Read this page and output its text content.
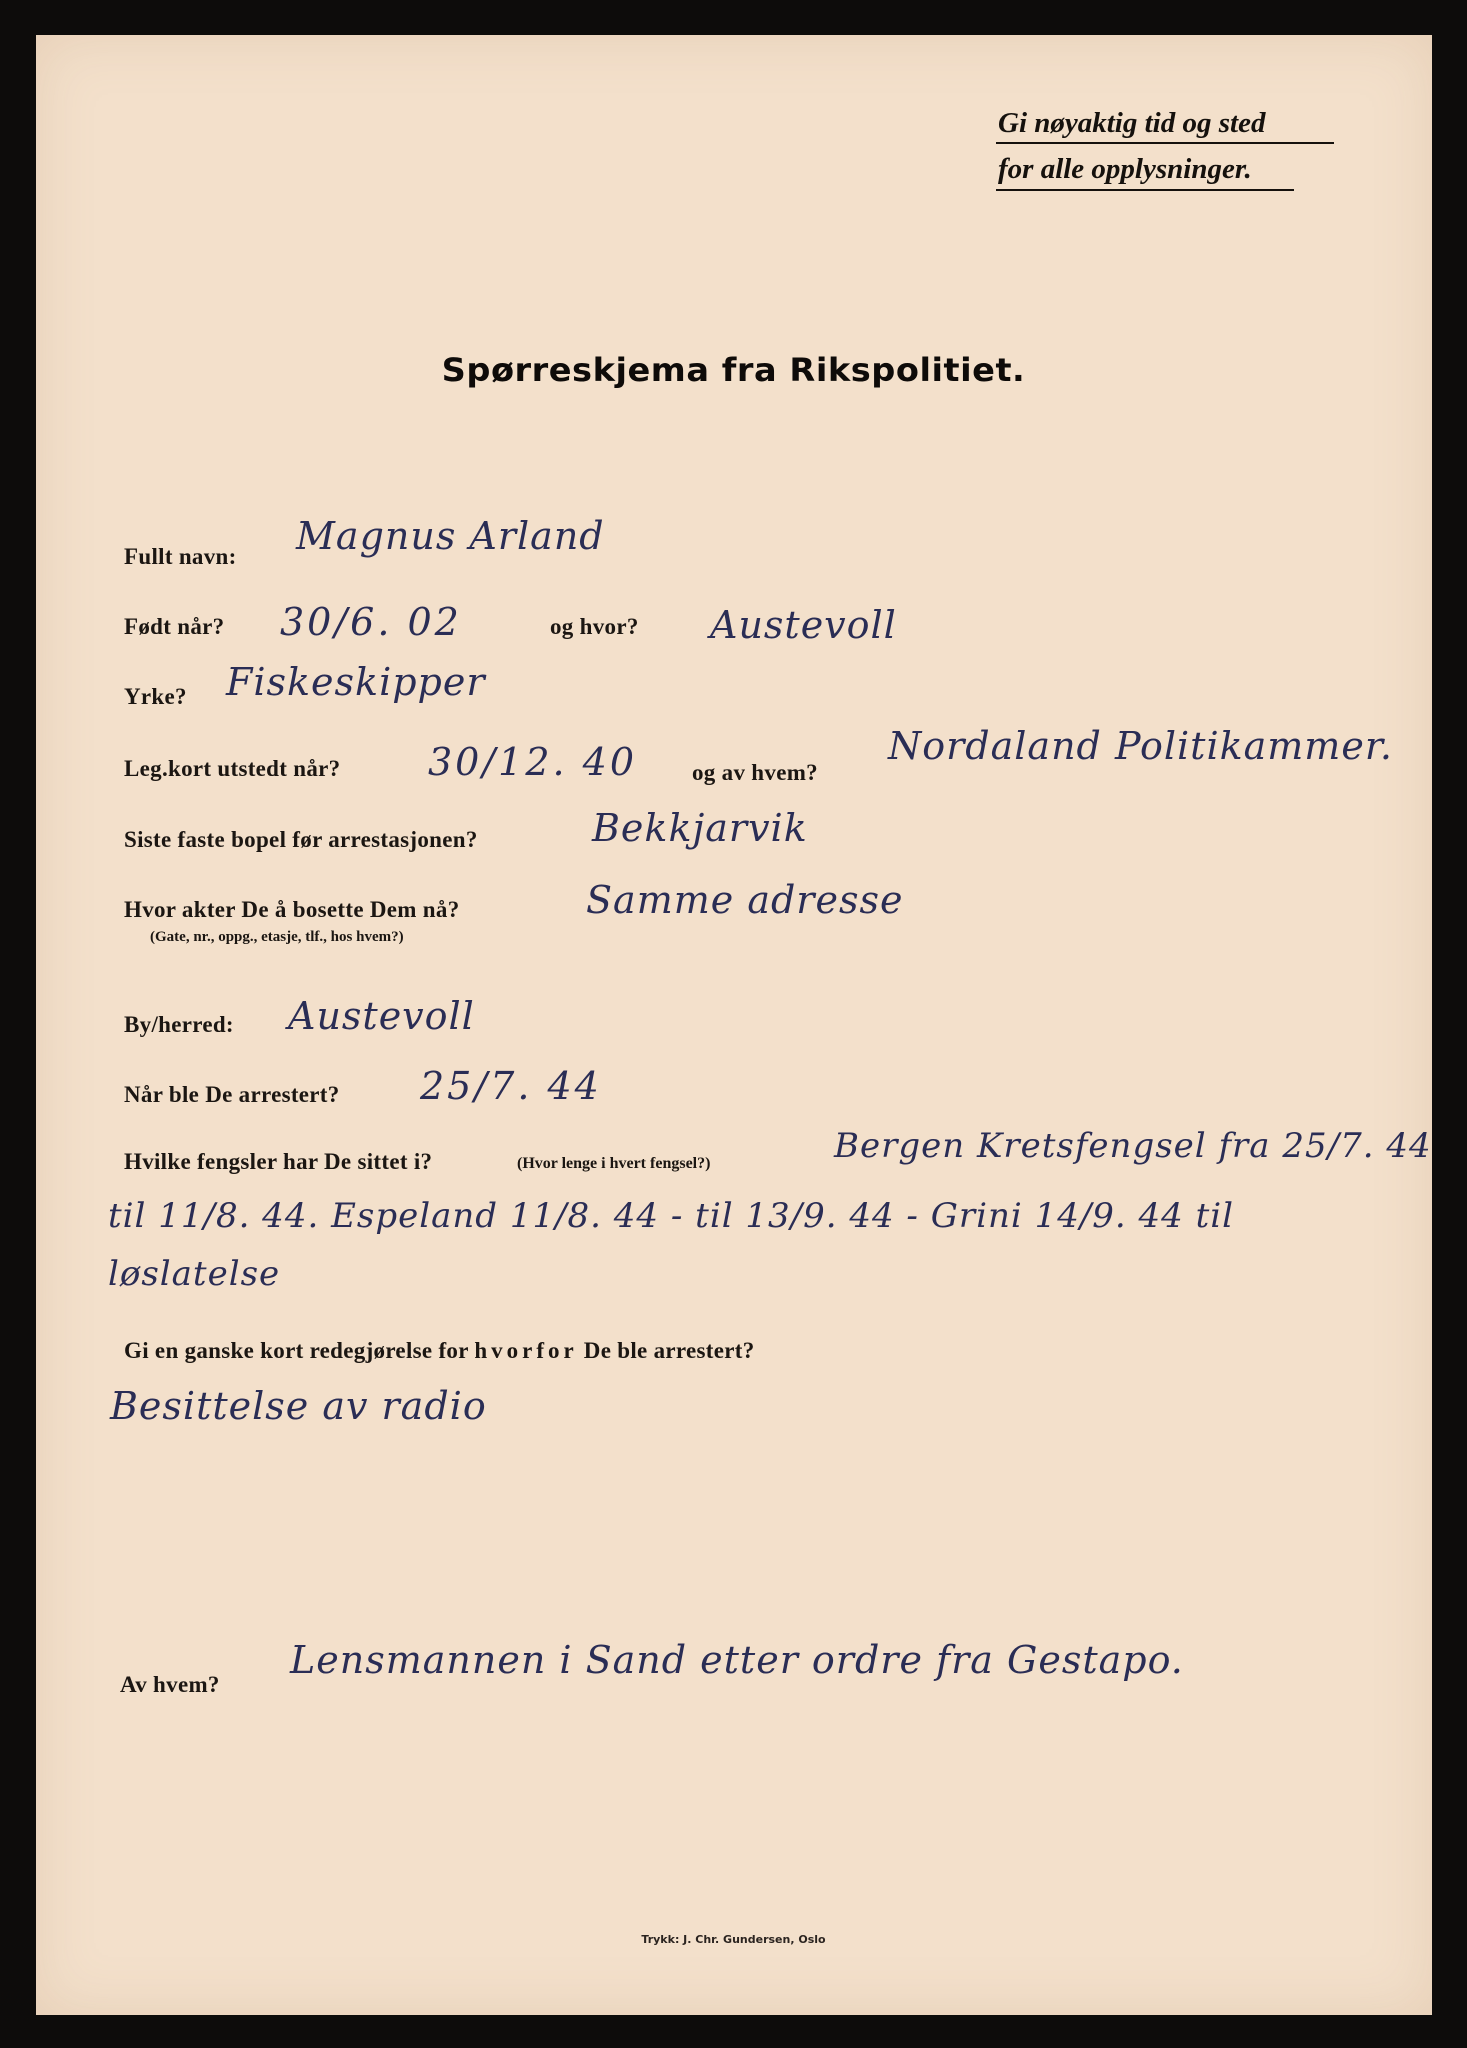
Gi nøyaktig tid og sted
for alle opplysninger.
Spørreskjema fra Rikspolitiet.
Fullt navn: Magnus Arland
Født når? 30/6. 02	og hvor? Austevoll
Yrke? Fiskeskipper
Leg.kort utstedt når? 30/12. 40 og av hvem?
Nordaland Politikammer.
Siste faste bopel før arrestasjonen?	Bekkjarvik
Hvor akter De å bosette Dem nå?
(Gate, nr., oppg., etasje, tlf., hos hvem?)
Samme adresse
By/herred: Austevoll
Når ble De arrestert? 25/7. 44
Hvilke fengsler har De sittet i?	(Hvor lenge i hvert fengsel?)	Bergen Kretsfengsel fra 25/7. 44
til 11/8. 44. Espeland 11/8. 44 - til 13/9. 44 - Grini 14/9. 44 til
løslatelse
Gi en ganske kort redegjørelse for hvorfor De ble arrestert?
Besittelse av radio
Av hvem?
Lensmannen i Sand etter ordre fra Gestapo.
Trykk: J. Chr. Gundersen, Oslo
